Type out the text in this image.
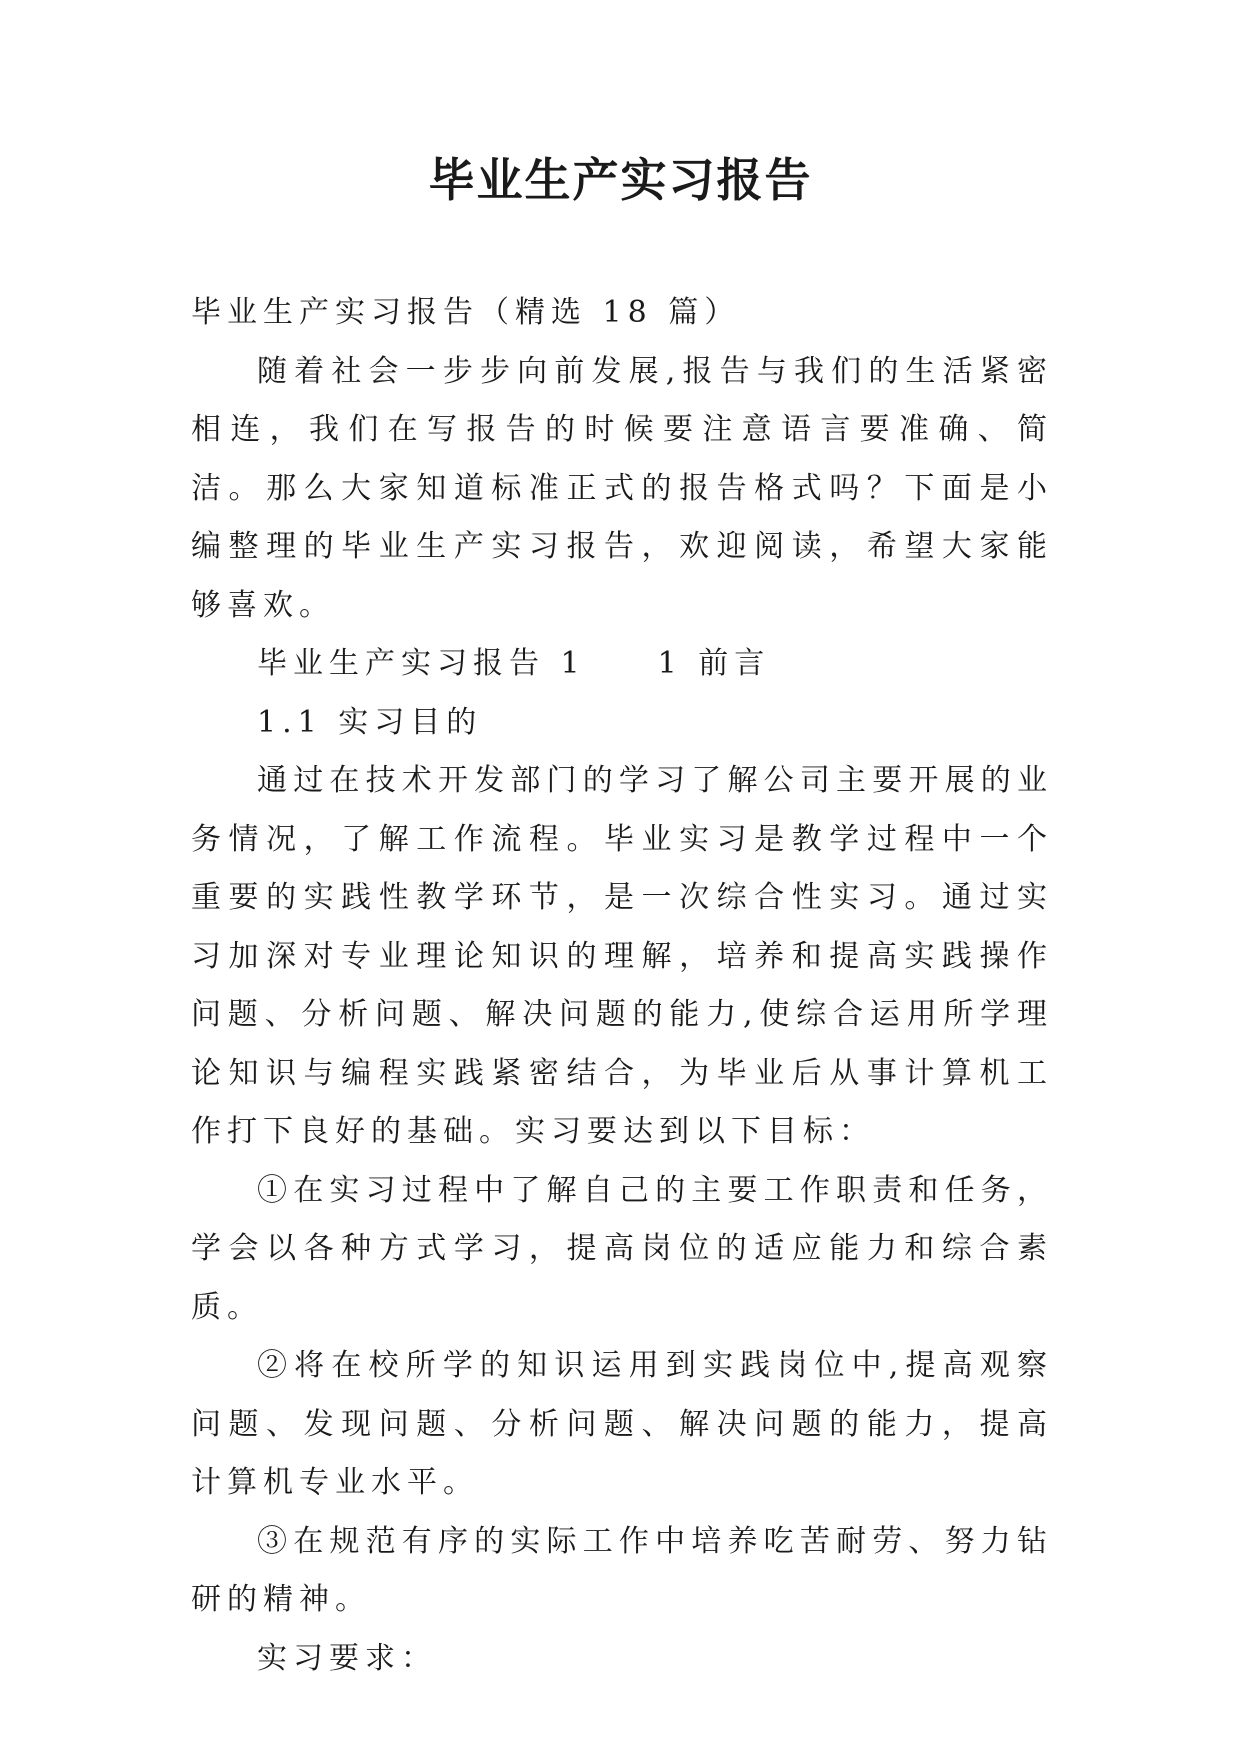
毕业生产实习报告

毕业生产实习报告（精选 18 篇）

随着社会一步步向前发展,报告与我们的生活紧密相连，我们在写报告的时候要注意语言要准确、简洁。那么大家知道标准正式的报告格式吗？下面是小编整理的毕业生产实习报告，欢迎阅读，希望大家能够喜欢。

毕业生产实习报告 1　　1 前言

1.1 实习目的

通过在技术开发部门的学习了解公司主要开展的业务情况，了解工作流程。毕业实习是教学过程中一个重要的实践性教学环节，是一次综合性实习。通过实习加深对专业理论知识的理解，培养和提高实践操作问题、分析问题、解决问题的能力,使综合运用所学理论知识与编程实践紧密结合，为毕业后从事计算机工作打下良好的基础。实习要达到以下目标：

①在实习过程中了解自己的主要工作职责和任务，学会以各种方式学习，提高岗位的适应能力和综合素质。

②将在校所学的知识运用到实践岗位中,提高观察问题、发现问题、分析问题、解决问题的能力，提高计算机专业水平。

③在规范有序的实际工作中培养吃苦耐劳、努力钻研的精神。

实习要求：
